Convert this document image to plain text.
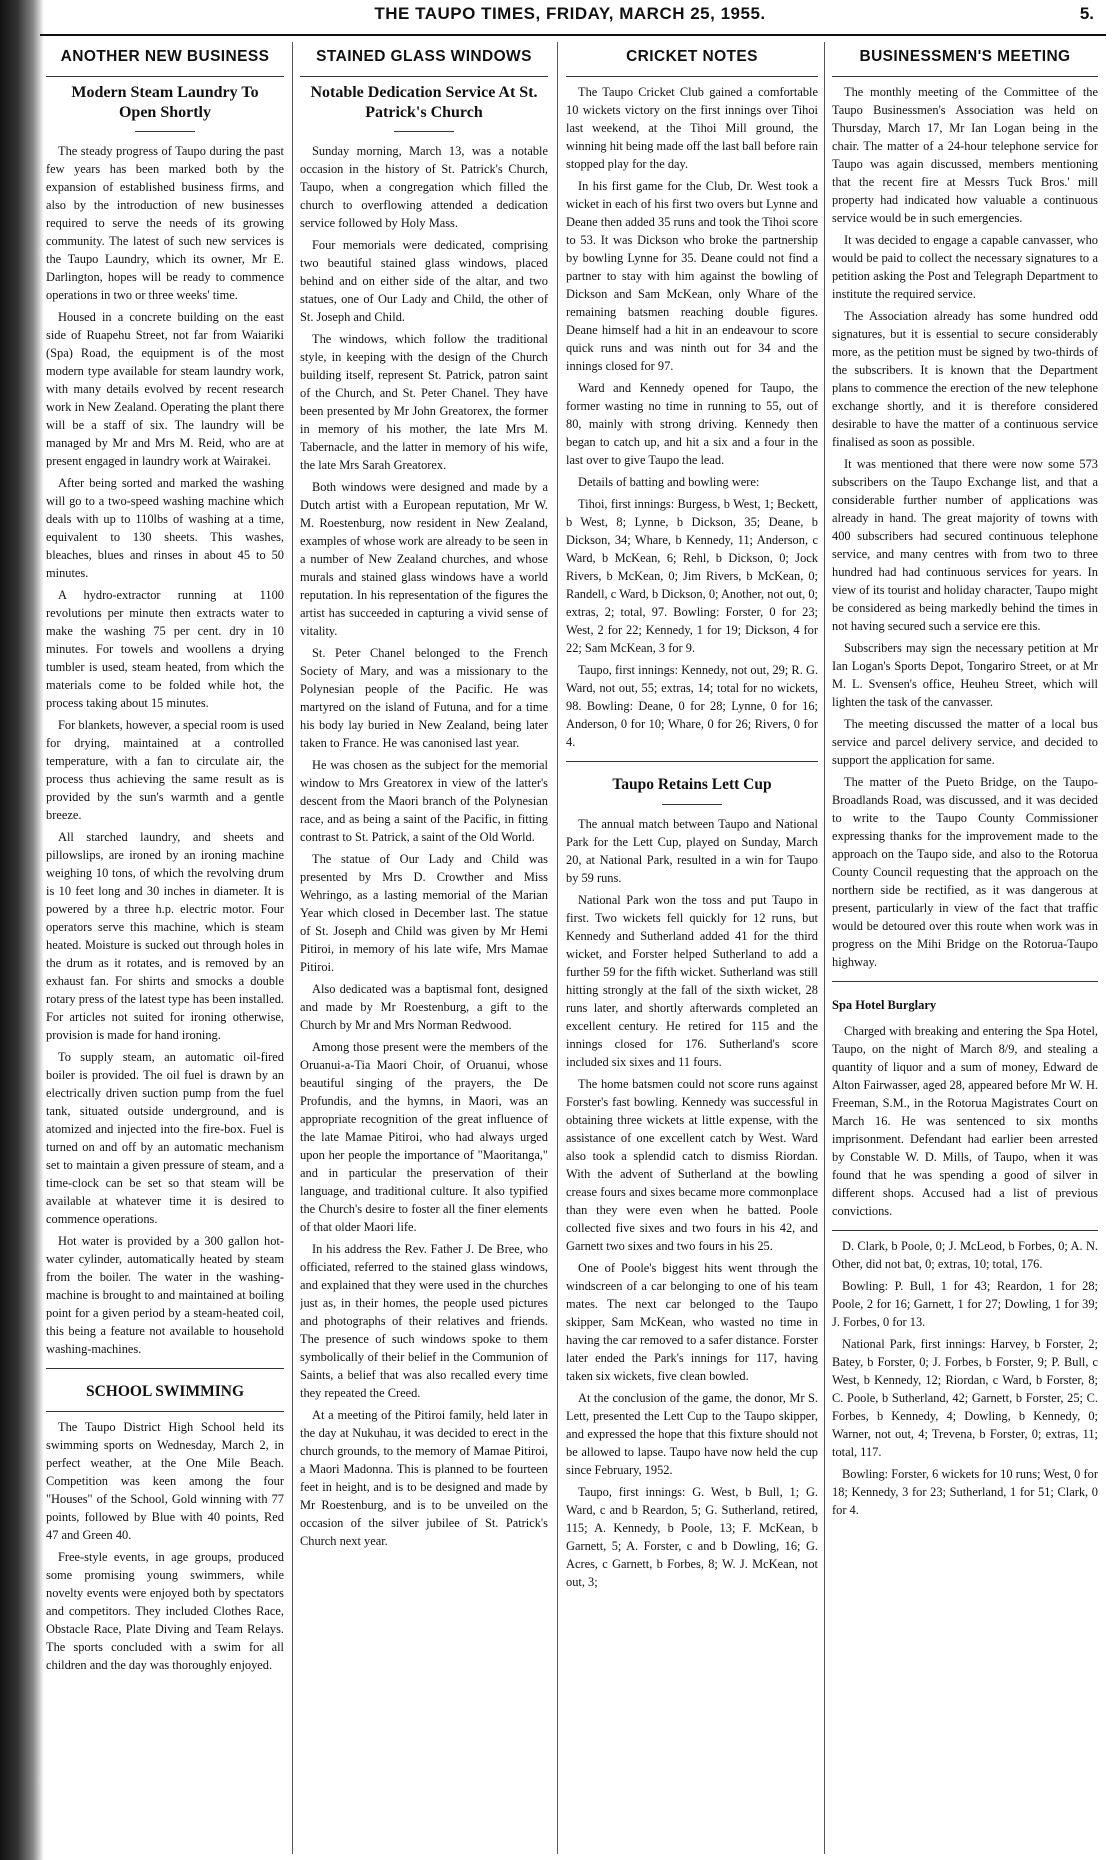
THE TAUPO TIMES, FRIDAY, MARCH 25, 1955.	5.
ANOTHER NEW BUSINESS
Modern Steam Laundry To Open Shortly

The steady progress of Taupo during the past few years has been marked both by the expansion of established business firms, and also by the introduction of new businesses required to serve the needs of its growing community. The latest of such new services is the Taupo Laundry, which its owner, Mr E. Darlington, hopes will be ready to commence operations in two or three weeks' time.

Housed in a concrete building on the east side of Ruapehu Street, not far from Waiariki (Spa) Road, the equipment is of the most modern type available for steam laundry work, with many details evolved by recent research work in New Zealand. Operating the plant there will be a staff of six. The laundry will be managed by Mr and Mrs M. Reid, who are at present engaged in laundry work at Wairakei.

After being sorted and marked the washing will go to a two-speed washing machine which deals with up to 110lbs of washing at a time, equivalent to 130 sheets. This washes, bleaches, blues and rinses in about 45 to 50 minutes.

A hydro-extractor running at 1100 revolutions per minute then extracts water to make the washing 75 per cent. dry in 10 minutes. For towels and woollens a drying tumbler is used, steam heated, from which the materials come to be folded while hot, the process taking about 15 minutes.

For blankets, however, a special room is used for drying, maintained at a controlled temperature, with a fan to circulate air, the process thus achieving the same result as is provided by the sun's warmth and a gentle breeze.

All starched laundry, and sheets and pillowslips, are ironed by an ironing machine weighing 10 tons, of which the revolving drum is 10 feet long and 30 inches in diameter. It is powered by a three h.p. electric motor. Four operators serve this machine, which is steam heated. Moisture is sucked out through holes in the drum as it rotates, and is removed by an exhaust fan. For shirts and smocks a double rotary press of the latest type has been installed. For articles not suited for ironing otherwise, provision is made for hand ironing.

To supply steam, an automatic oil-fired boiler is provided. The oil fuel is drawn by an electrically driven suction pump from the fuel tank, situated outside underground, and is atomized and injected into the fire-box. Fuel is turned on and off by an automatic mechanism set to maintain a given pressure of steam, and a time-clock can be set so that steam will be available at whatever time it is desired to commence operations.

Hot water is provided by a 300 gallon hot-water cylinder, automatically heated by steam from the boiler. The water in the washing-machine is brought to and maintained at boiling point for a given period by a steam-heated coil, this being a feature not available to household washing-machines.

SCHOOL SWIMMING

The Taupo District High School held its swimming sports on Wednesday, March 2, in perfect weather, at the One Mile Beach. Competition was keen among the four "Houses" of the School, Gold winning with 77 points, followed by Blue with 40 points, Red 47 and Green 40.

Free-style events, in age groups, produced some promising young swimmers, while novelty events were enjoyed both by spectators and competitors. They included Clothes Race, Obstacle Race, Plate Diving and Team Relays. The sports concluded with a swim for all children and the day was thoroughly enjoyed.

STAINED GLASS WINDOWS
Notable Dedication Service At St. Patrick's Church

Sunday morning, March 13, was a notable occasion in the history of St. Patrick's Church, Taupo, when a congregation which filled the church to overflowing attended a dedication service followed by Holy Mass.

Four memorials were dedicated, comprising two beautiful stained glass windows, placed behind and on either side of the altar, and two statues, one of Our Lady and Child, the other of St. Joseph and Child.

The windows, which follow the traditional style, in keeping with the design of the Church building itself, represent St. Patrick, patron saint of the Church, and St. Peter Chanel. They have been presented by Mr John Greatorex, the former in memory of his mother, the late Mrs M. Tabernacle, and the latter in memory of his wife, the late Mrs Sarah Greatorex.

Both windows were designed and made by a Dutch artist with a European reputation, Mr W. M. Roestenburg, now resident in New Zealand, examples of whose work are already to be seen in a number of New Zealand churches, and whose murals and stained glass windows have a world reputation. In his representation of the figures the artist has succeeded in capturing a vivid sense of vitality.

St. Peter Chanel belonged to the French Society of Mary, and was a missionary to the Polynesian people of the Pacific. He was martyred on the island of Futuna, and for a time his body lay buried in New Zealand, being later taken to France. He was canonised last year.

He was chosen as the subject for the memorial window to Mrs Greatorex in view of the latter's descent from the Maori branch of the Polynesian race, and as being a saint of the Pacific, in fitting contrast to St. Patrick, a saint of the Old World.

The statue of Our Lady and Child was presented by Mrs D. Crowther and Miss Wehringo, as a lasting memorial of the Marian Year which closed in December last. The statue of St. Joseph and Child was given by Mr Hemi Pitiroi, in memory of his late wife, Mrs Mamae Pitiroi.

Also dedicated was a baptismal font, designed and made by Mr Roestenburg, a gift to the Church by Mr and Mrs Norman Redwood.

Among those present were the members of the Oruanui-a-Tia Maori Choir, of Oruanui, whose beautiful singing of the prayers, the De Profundis, and the hymns, in Maori, was an appropriate recognition of the great influence of the late Mamae Pitiroi, who had always urged upon her people the importance of "Maoritanga," and in particular the preservation of their language, and traditional culture. It also typified the Church's desire to foster all the finer elements of that older Maori life.

In his address the Rev. Father J. De Bree, who officiated, referred to the stained glass windows, and explained that they were used in the churches just as, in their homes, the people used pictures and photographs of their relatives and friends. The presence of such windows spoke to them symbolically of their belief in the Communion of Saints, a belief that was also recalled every time they repeated the Creed.

At a meeting of the Pitiroi family, held later in the day at Nukuhau, it was decided to erect in the church grounds, to the memory of Mamae Pitiroi, a Maori Madonna. This is planned to be fourteen feet in height, and is to be designed and made by Mr Roestenburg, and is to be unveiled on the occasion of the silver jubilee of St. Patrick's Church next year.

CRICKET NOTES

The Taupo Cricket Club gained a comfortable 10 wickets victory on the first innings over Tihoi last weekend, at the Tihoi Mill ground, the winning hit being made off the last ball before rain stopped play for the day.

In his first game for the Club, Dr. West took a wicket in each of his first two overs but Lynne and Deane then added 35 runs and took the Tihoi score to 53. It was Dickson who broke the partnership by bowling Lynne for 35. Deane could not find a partner to stay with him against the bowling of Dickson and Sam McKean, only Whare of the remaining batsmen reaching double figures. Deane himself had a hit in an endeavour to score quick runs and was ninth out for 34 and the innings closed for 97.

Ward and Kennedy opened for Taupo, the former wasting no time in running to 55, out of 80, mainly with strong driving. Kennedy then began to catch up, and hit a six and a four in the last over to give Taupo the lead.

Details of batting and bowling were:

Tihoi, first innings: Burgess, b West, 1; Beckett, b West, 8; Lynne, b Dickson, 35; Deane, b Dickson, 34; Whare, b Kennedy, 11; Anderson, c Ward, b McKean, 6; Rehl, b Dickson, 0; Jock Rivers, b McKean, 0; Jim Rivers, b McKean, 0; Randell, c Ward, b Dickson, 0; Another, not out, 0; extras, 2; total, 97. Bowling: Forster, 0 for 23; West, 2 for 22; Kennedy, 1 for 19; Dickson, 4 for 22; Sam McKean, 3 for 9.

Taupo, first innings: Kennedy, not out, 29; R. G. Ward, not out, 55; extras, 14; total for no wickets, 98. Bowling: Deane, 0 for 28; Lynne, 0 for 16; Anderson, 0 for 10; Whare, 0 for 26; Rivers, 0 for 4.

Taupo Retains Lett Cup

The annual match between Taupo and National Park for the Lett Cup, played on Sunday, March 20, at National Park, resulted in a win for Taupo by 59 runs.

National Park won the toss and put Taupo in first. Two wickets fell quickly for 12 runs, but Kennedy and Sutherland added 41 for the third wicket, and Forster helped Sutherland to add a further 59 for the fifth wicket. Sutherland was still hitting strongly at the fall of the sixth wicket, 28 runs later, and shortly afterwards completed an excellent century. He retired for 115 and the innings closed for 176. Sutherland's score included six sixes and 11 fours.

The home batsmen could not score runs against Forster's fast bowling. Kennedy was successful in obtaining three wickets at little expense, with the assistance of one excellent catch by West. Ward also took a splendid catch to dismiss Riordan. With the advent of Sutherland at the bowling crease fours and sixes became more commonplace than they were even when he batted. Poole collected five sixes and two fours in his 42, and Garnett two sixes and two fours in his 25.

One of Poole's biggest hits went through the windscreen of a car belonging to one of his team mates. The next car belonged to the Taupo skipper, Sam McKean, who wasted no time in having the car removed to a safer distance. Forster later ended the Park's innings for 117, having taken six wickets, five clean bowled.

At the conclusion of the game, the donor, Mr S. Lett, presented the Lett Cup to the Taupo skipper, and expressed the hope that this fixture should not be allowed to lapse. Taupo have now held the cup since February, 1952.

Taupo, first innings: G. West, b Bull, 1; G. Ward, c and b Reardon, 5; G. Sutherland, retired, 115; A. Kennedy, b Poole, 13; F. McKean, b Garnett, 5; A. Forster, c and b Dowling, 16; G. Acres, c Garnett, b Forbes, 8; W. J. McKean, not out, 3;

BUSINESSMEN'S MEETING

The monthly meeting of the Committee of the Taupo Businessmen's Association was held on Thursday, March 17, Mr Ian Logan being in the chair. The matter of a 24-hour telephone service for Taupo was again discussed, members mentioning that the recent fire at Messrs Tuck Bros.' mill property had indicated how valuable a continuous service would be in such emergencies.

It was decided to engage a capable canvasser, who would be paid to collect the necessary signatures to a petition asking the Post and Telegraph Department to institute the required service.

The Association already has some hundred odd signatures, but it is essential to secure considerably more, as the petition must be signed by two-thirds of the subscribers. It is known that the Department plans to commence the erection of the new telephone exchange shortly, and it is therefore considered desirable to have the matter of a continuous service finalised as soon as possible.

It was mentioned that there were now some 573 subscribers on the Taupo Exchange list, and that a considerable further number of applications was already in hand. The great majority of towns with 400 subscribers had secured continuous telephone service, and many centres with from two to three hundred had had continuous services for years. In view of its tourist and holiday character, Taupo might be considered as being markedly behind the times in not having secured such a service ere this.

Subscribers may sign the necessary petition at Mr Ian Logan's Sports Depot, Tongariro Street, or at Mr M. L. Svensen's office, Heuheu Street, which will lighten the task of the canvasser.

The meeting discussed the matter of a local bus service and parcel delivery service, and decided to support the application for same.

The matter of the Pueto Bridge, on the Taupo-Broadlands Road, was discussed, and it was decided to write to the Taupo County Commissioner expressing thanks for the improvement made to the approach on the Taupo side, and also to the Rotorua County Council requesting that the approach on the northern side be rectified, as it was dangerous at present, particularly in view of the fact that traffic would be detoured over this route when work was in progress on the Mihi Bridge on the Rotorua-Taupo highway.

Spa Hotel Burglary

Charged with breaking and entering the Spa Hotel, Taupo, on the night of March 8/9, and stealing a quantity of liquor and a sum of money, Edward de Alton Fairwasser, aged 28, appeared before Mr W. H. Freeman, S.M., in the Rotorua Magistrates Court on March 16. He was sentenced to six months imprisonment. Defendant had earlier been arrested by Constable W. D. Mills, of Taupo, when it was found that he was spending a good of silver in different shops. Accused had a list of previous convictions.

D. Clark, b Poole, 0; J. McLeod, b Forbes, 0; A. N. Other, did not bat, 0; extras, 10; total, 176.

Bowling: P. Bull, 1 for 43; Reardon, 1 for 28; Poole, 2 for 16; Garnett, 1 for 27; Dowling, 1 for 39; J. Forbes, 0 for 13.

National Park, first innings: Harvey, b Forster, 2; Batey, b Forster, 0; J. Forbes, b Forster, 9; P. Bull, c West, b Kennedy, 12; Riordan, c Ward, b Forster, 8; C. Poole, b Sutherland, 42; Garnett, b Forster, 25; C. Forbes, b Kennedy, 4; Dowling, b Kennedy, 0; Warner, not out, 4; Trevena, b Forster, 0; extras, 11; total, 117.

Bowling: Forster, 6 wickets for 10 runs; West, 0 for 18; Kennedy, 3 for 23; Sutherland, 1 for 51; Clark, 0 for 4.
